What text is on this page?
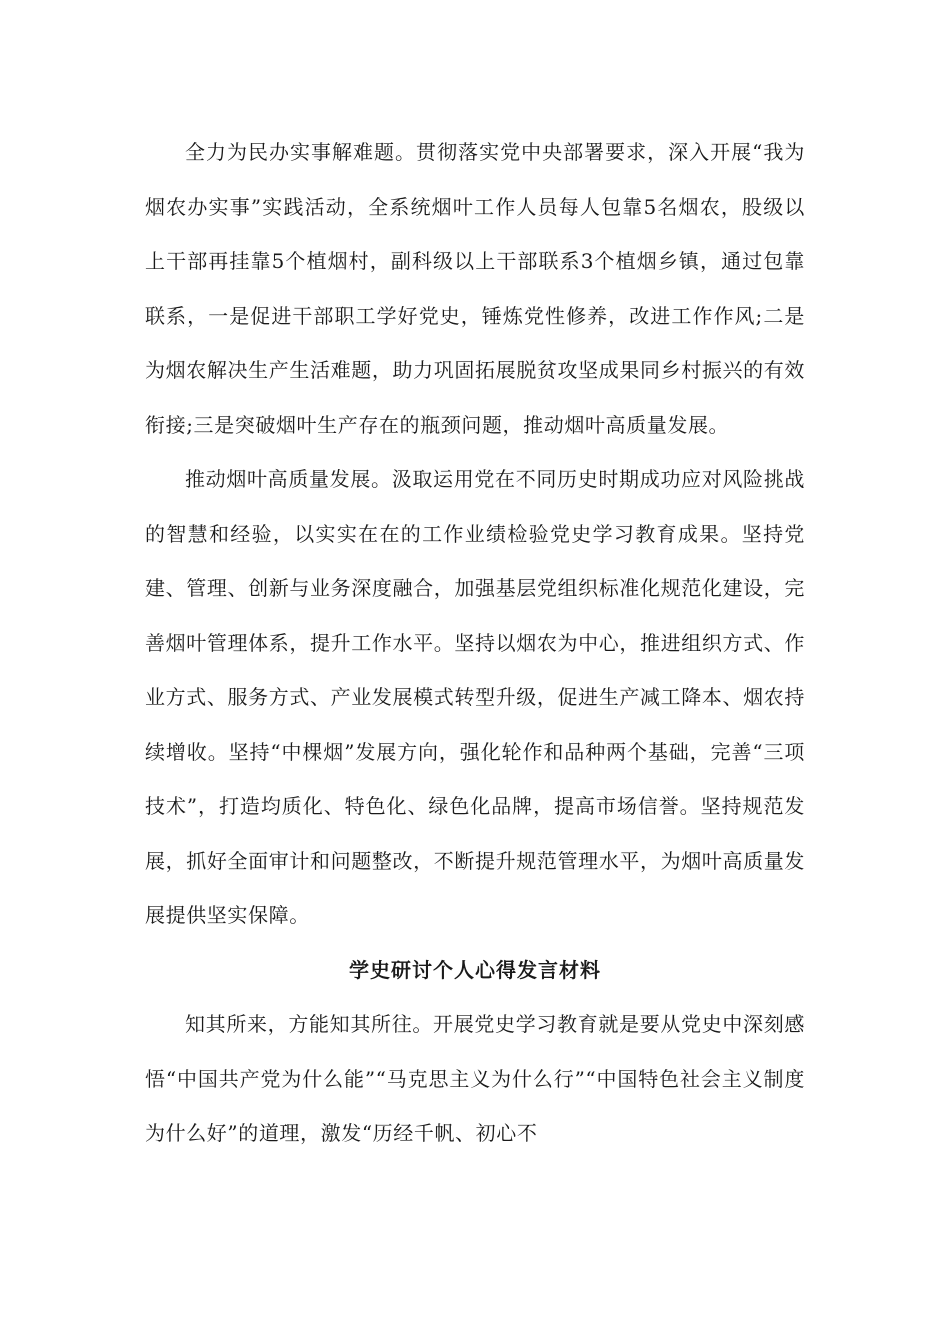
全力为民办实事解难题。贯彻落实党中央部署要求，深入开展“我为烟农办实事”实践活动，全系统烟叶工作人员每人包靠5名烟农，股级以上干部再挂靠5个植烟村，副科级以上干部联系3个植烟乡镇，通过包靠联系，一是促进干部职工学好党史，锤炼党性修养，改进工作作风;二是为烟农解决生产生活难题，助力巩固拓展脱贫攻坚成果同乡村振兴的有效衔接;三是突破烟叶生产存在的瓶颈问题，推动烟叶高质量发展。

推动烟叶高质量发展。汲取运用党在不同历史时期成功应对风险挑战的智慧和经验，以实实在在的工作业绩检验党史学习教育成果。坚持党建、管理、创新与业务深度融合，加强基层党组织标准化规范化建设，完善烟叶管理体系，提升工作水平。坚持以烟农为中心，推进组织方式、作业方式、服务方式、产业发展模式转型升级，促进生产减工降本、烟农持续增收。坚持“中棵烟”发展方向，强化轮作和品种两个基础，完善“三项技术”，打造均质化、特色化、绿色化品牌，提高市场信誉。坚持规范发展，抓好全面审计和问题整改，不断提升规范管理水平，为烟叶高质量发展提供坚实保障。

学史研讨个人心得发言材料

知其所来，方能知其所往。开展党史学习教育就是要从党史中深刻感悟“中国共产党为什么能”“马克思主义为什么行”“中国特色社会主义制度为什么好”的道理，激发“历经千帆、初心不
